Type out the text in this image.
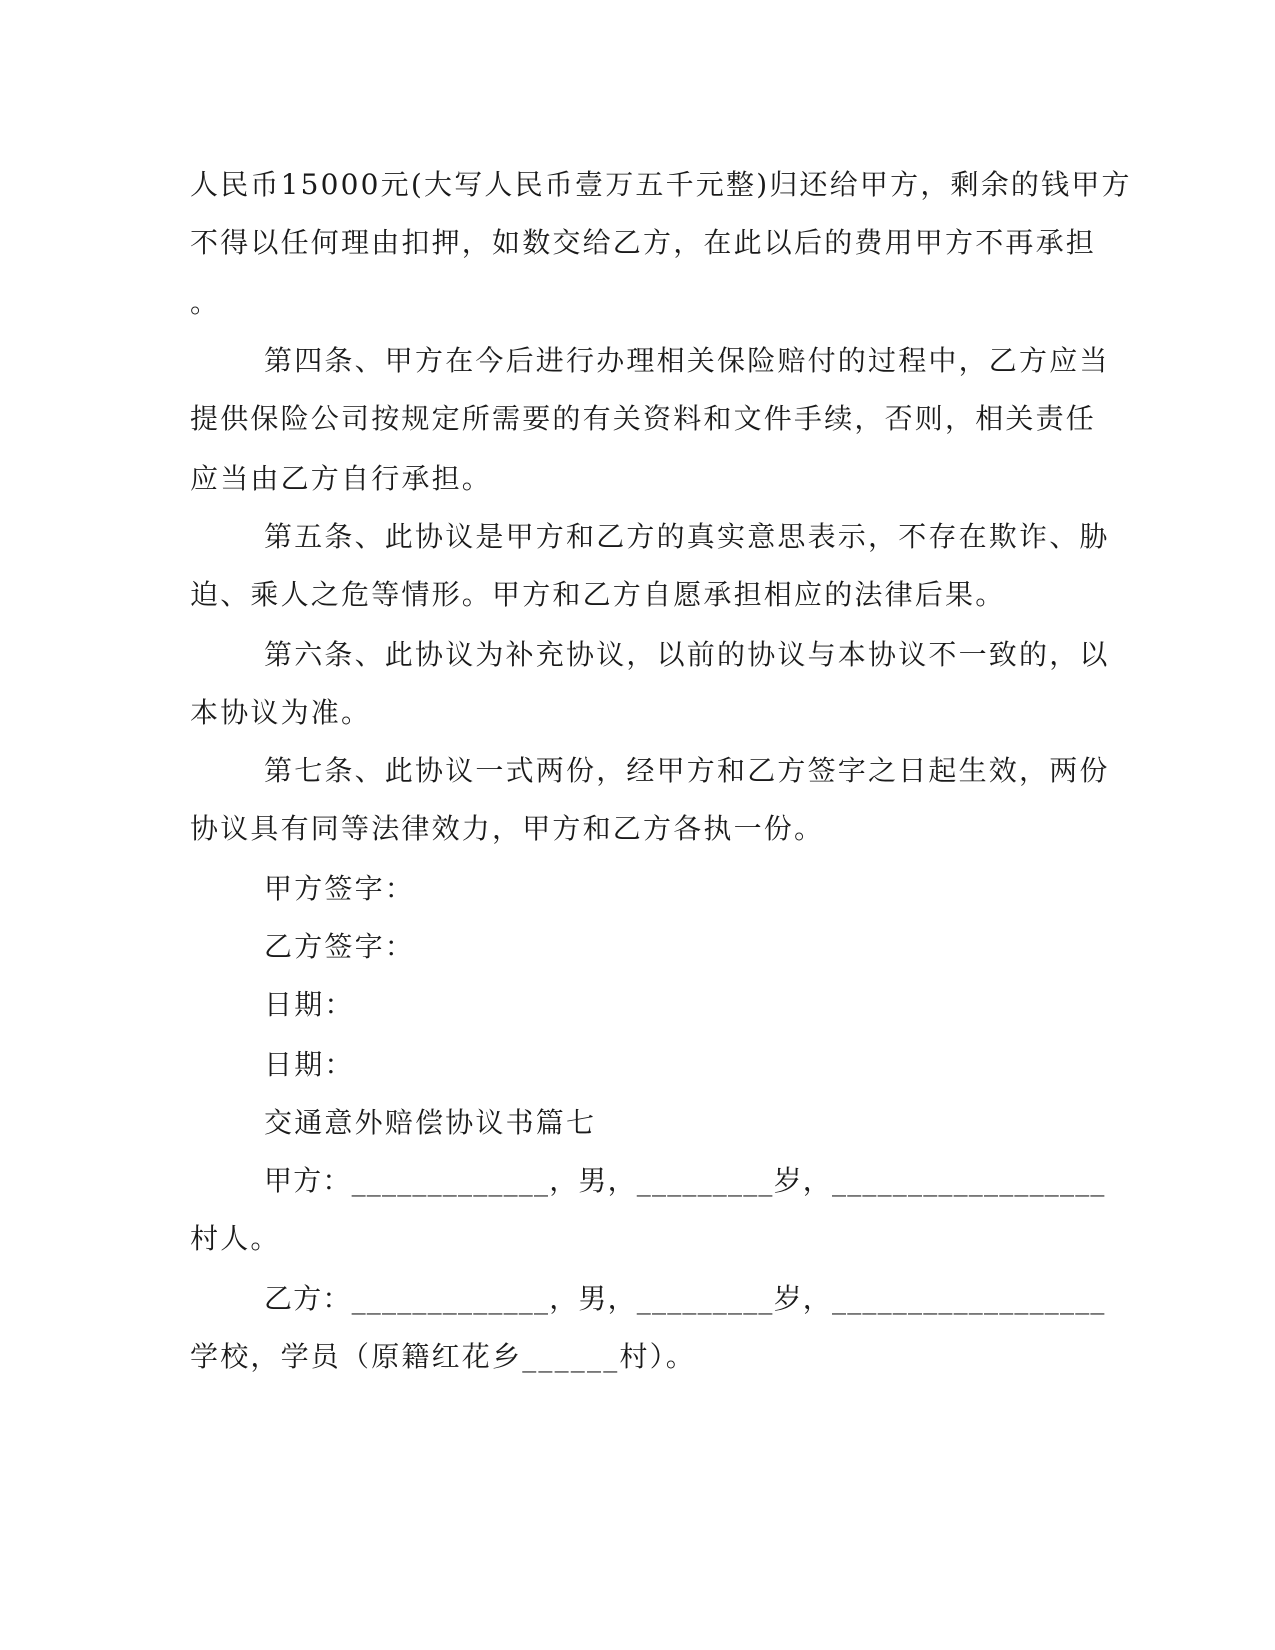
人民币15000元(大写人民币壹万五千元整)归还给甲方，剩余的钱甲方
不得以任何理由扣押，如数交给乙方，在此以后的费用甲方不再承担
。
第四条、甲方在今后进行办理相关保险赔付的过程中，乙方应当
提供保险公司按规定所需要的有关资料和文件手续，否则，相关责任
应当由乙方自行承担。
第五条、此协议是甲方和乙方的真实意思表示，不存在欺诈、胁
迫、乘人之危等情形。甲方和乙方自愿承担相应的法律后果。
第六条、此协议为补充协议，以前的协议与本协议不一致的，以
本协议为准。
第七条、此协议一式两份，经甲方和乙方签字之日起生效，两份
协议具有同等法律效力，甲方和乙方各执一份。
甲方签字：
乙方签字：
日期：
日期：
交通意外赔偿协议书篇七
甲方：_____________，男，_________岁，__________________
村人。
乙方：_____________，男，_________岁，__________________
学校，学员（原籍红花乡______村）。
